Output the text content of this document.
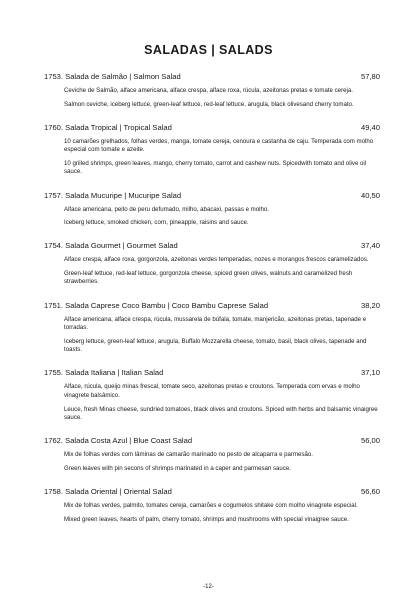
SALADAS | SALADS
1753. Salada de Salmão | Salmon Salad	57,80
Ceviche de Salmão, alface americana, alface crespa, alface roxa, rúcula, azeitonas pretas e tomate cereja.
Salmon ceviche, iceberg lettuce, green-leaf lettuce, red-leaf lettuce, arugula, black olivesand cherry tomato.
1760. Salada Tropical | Tropical Salad	49,40
10 camarões grelhados, folhas verdes, manga, tomate cereja, cenoura e castanha de caju. Temperada com molho especial com tomate e azeite.
10 grilled shrimps, green leaves, mango, cherry tomato, carrot and cashew nuts. Spicedwith tomato and olive oil sauce.
1757. Salada Mucuripe | Mucuripe Salad	40,50
Alface americana, peito de peru defumado, milho, abacaxi, passas e molho.
Iceberg lettuce, smoked chicken, corn, pineapple, raisins and sauce.
1754. Salada Gourmet | Gourmet Salad	37,40
Alface crespa, alface roxa, gorgonzola, azeitonas verdes temperadas, nozes e morangos frescos caramelizados.
Green-leaf lettuce, red-leaf lettuce, gorgonzola cheese, spiced green olives, walnuts and caramelized fresh strawberries.
1751. Salada Caprese Coco Bambu | Coco Bambu Caprese Salad	38,20
Alface americana, alface crespa, rúcula, mussarela de búfala, tomate, manjericão, azeitonas pretas, tapenade e torradas.
Iceberg lettuce, green-leaf lettuce, arugula, Buffalo Mozzarella cheese, tomato, basil, black olives, tapenade and toasts.
1755. Salada Italiana | Italian Salad	37,10
Alface, rúcula, queijo minas frescal, tomate seco, azeitonas pretas e croutons. Temperada com ervas e molho vinagrete balsâmico.
Leuce, fresh Minas cheese, sundried tomatoes, black olives and croutons. Spiced with herbs and balsamic vinaigree sauce.
1762. Salada Costa Azul | Blue Coast Salad	56,00
Mix de folhas verdes com lâminas de camarão marinado no pesto de alcaparra e parmesão.
Green leaves with pin secons of shrimps marinated in a caper and parmesan sauce.
1758. Salada Oriental | Oriental Salad	56,60
Mix de folhas verdes, palmito, tomates cereja, camarões e cogumelos shitake com molho vinagrete especial.
Mixed green leaves, hearts of palm, cherry tomato, shrimps and mushrooms with special vinaigree sauce.
-12-
